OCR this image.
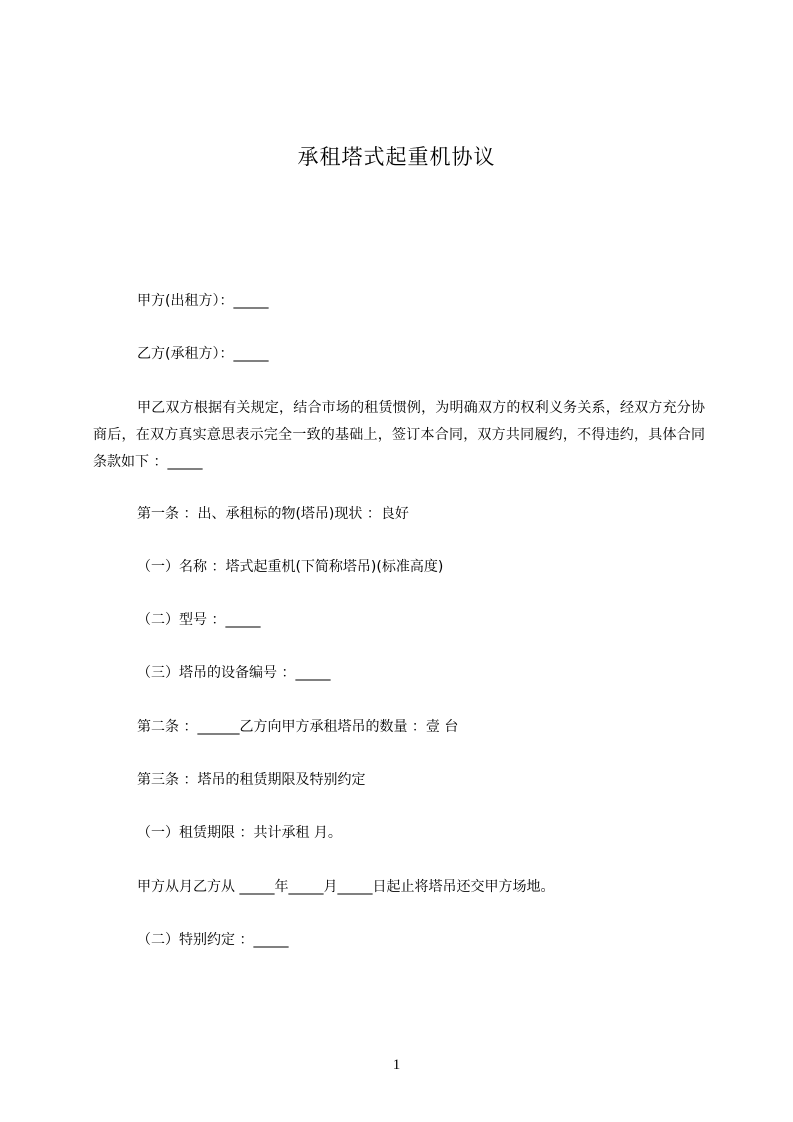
承租塔式起重机协议
甲方(出租方）：_____
乙方(承租方）：_____
甲乙双方根据有关规定，结合市场的租赁惯例，为明确双方的权利义务关系，经双方充分协商后，在双方真实意思表示完全一致的基础上，签订本合同，双方共同履约，不得违约，具体合同条款如下 ：_____
第一条 ：出、承租标的物(塔吊)现状 ：良好
（一）名称 ：塔式起重机(下简称塔吊)(标准高度)
（二）型号 ：_____
（三）塔吊的设备编号 ：_____
第二条 ：______乙方向甲方承租塔吊的数量 ：壹 台
第三条 ：塔吊的租赁期限及特别约定
（一）租赁期限 ：共计承租 月。
甲方从月乙方从 _____年_____月_____日起止将塔吊还交甲方场地。
（二）特别约定 ：_____
1
